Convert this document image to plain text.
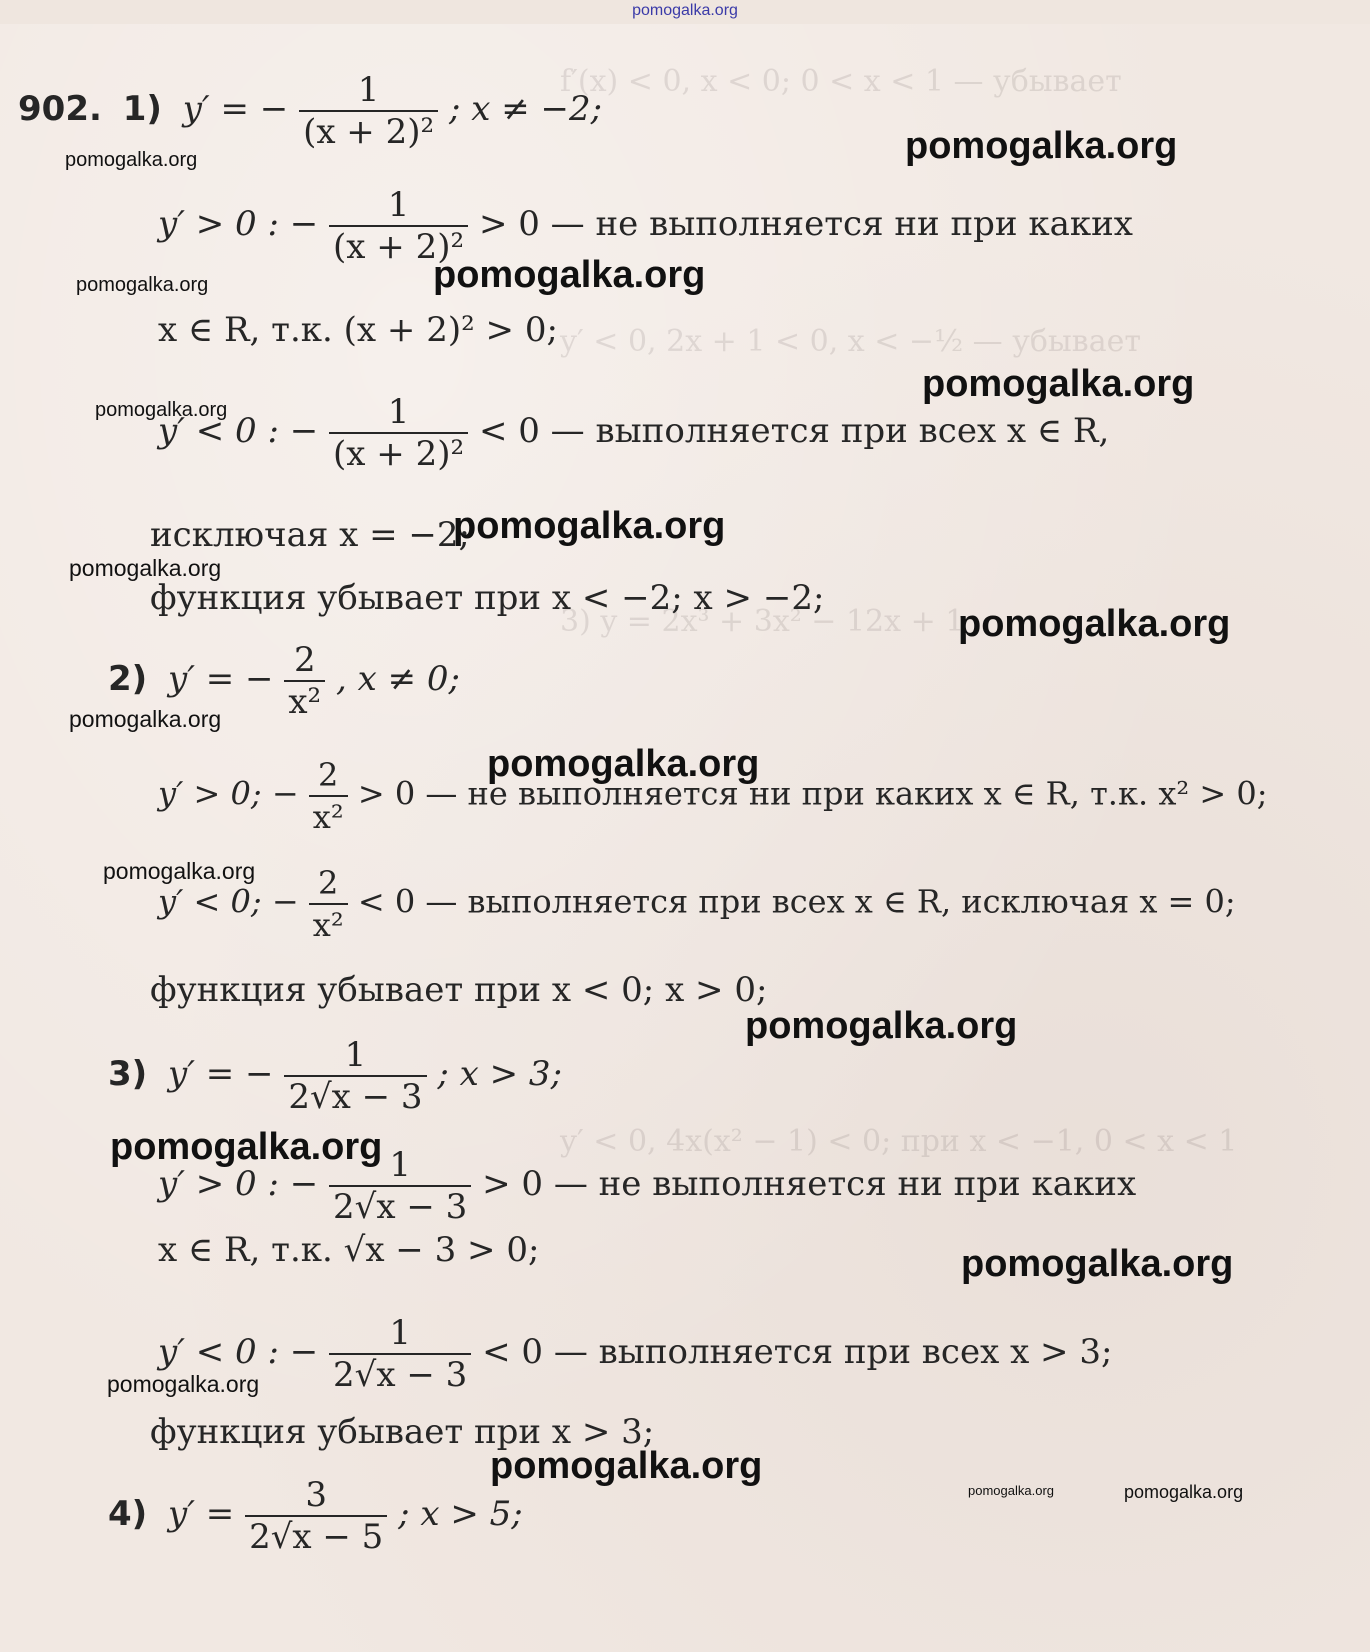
pomogalka.org
f′(x) < 0, x < 0; 0 < x < 1 — убывает
y′ < 0, 2x + 1 < 0, x < −½ — убывает
3) y = 2x³ + 3x² − 12x + 1
y′ < 0, 4x(x² − 1) < 0; при x < −1, 0 < x < 1
902. 1) y′ = − $\frac{1}{\text{(x + 2)²}}$ ; x ≠ −2;
y′ > 0 : − $\frac{1}{\text{(x + 2)²}} > 0$ — не выполняется ни при каких
x ∈ R, т.к. (x + 2)² > 0;
y′ < 0 : − $\frac{1}{\text{(x + 2)²}} < 0$ — выполняется при всех x ∈ R,
исключая x = −2;
функция убывает при x < −2; x > −2;
2) y′ = − $\frac{2}{\text{x²}}$ , x ≠ 0;
y′ > 0; − $\frac{2}{\text{x²}} > 0$ — не выполняется ни при каких x ∈ R, т.к. x² > 0;
y′ < 0; − $\frac{2}{\text{x²}} < 0$ — выполняется при всех x ∈ R, исключая x = 0;
функция убывает при x < 0; x > 0;
3) y′ = − $\frac{1}{2√x - 3}$ ; x > 3;
y′ > 0 : − $\frac{1}{2√x - 3} > 0$ — не выполняется ни при каких
x ∈ R, т.к. √x − 3 > 0;
y′ < 0 : − $\frac{1}{2√x - 3} < 0$ — выполняется при всех x > 3;
функция убывает при x > 3;
4) $y' = \frac{3}{2√x - 5}$ ; x > 5;
pomogalka.org	pomogalka.org
pomogalka.org	pomogalka.org
pomogalka.org
pomogalka.org
pomogalka.org
pomogalka.org
pomogalka.org
pomogalka.org
pomogalka.org
pomogalka.org
pomogalka.org
pomogalka.org
pomogalka.org
pomogalka.org
pomogalka.org
pomogalka.org	pomogalka.org
